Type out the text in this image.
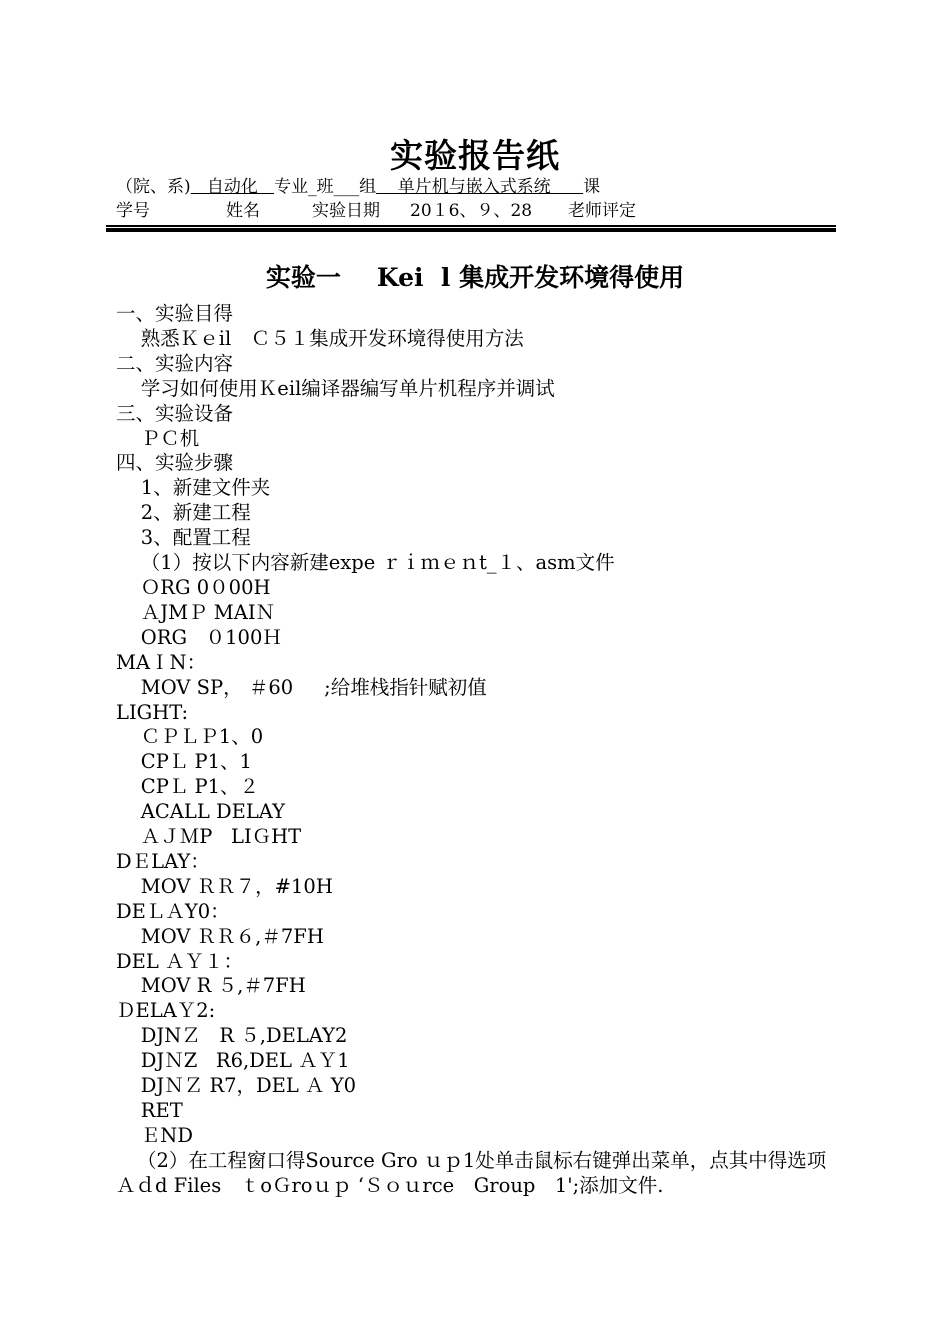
实验报告纸
（院、系)   自动化   专业_班___组    单片机与嵌入式系统      课
学号	姓名	实验日期 20１6、９、28 老师评定
实验一 Kei  l 集成开发环境得使用
一、实验目得
熟悉Ｋｅil　Ｃ５１集成开发环境得使用方法
二、实验内容
学习如何使用Ｋeil编译器编写单片机程序并调试
三、实验设备
ＰＣ机
四、实验步骤
1、新建文件夹
2、新建工程
3、配置工程
（1）按以下内容新建expe ｒｉｍｅｎt_１、asm文件
ＯRG 0０00H
ＡJMＰ MAIＮ
ORG   ０100Ｈ
MAＩN：
MOV SP， ＃60     ;给堆栈指针赋初值
LIGHT:
ＣＰＬＰ1、0
CPＬ P1、1
CPＬ P1、２
ACALL DELAY
ＡＪＭP   LIＧHT
DＥLAY：
MOV ＲＲ７，#10H
DEＬＡY0：
MOV ＲＲ６,＃7FH
DEL ＡＹ１：
MOV R ５,＃7FH
ＤELAＹ2:
DJNＺ   R ５,DELAY2
DJＮZ   R6,DEL ＡＹ1
DJＮＺ R7，DEL Ａ Y0
RET
ＥND
（2）在工程窗口得Source Gro ｕｐ1处单击鼠标右键弹出菜单，点其中得选项Ａｄd Files　ｔoＧroｕｐ ‘Ｓｏｕrce　Group　1';添加文件.
